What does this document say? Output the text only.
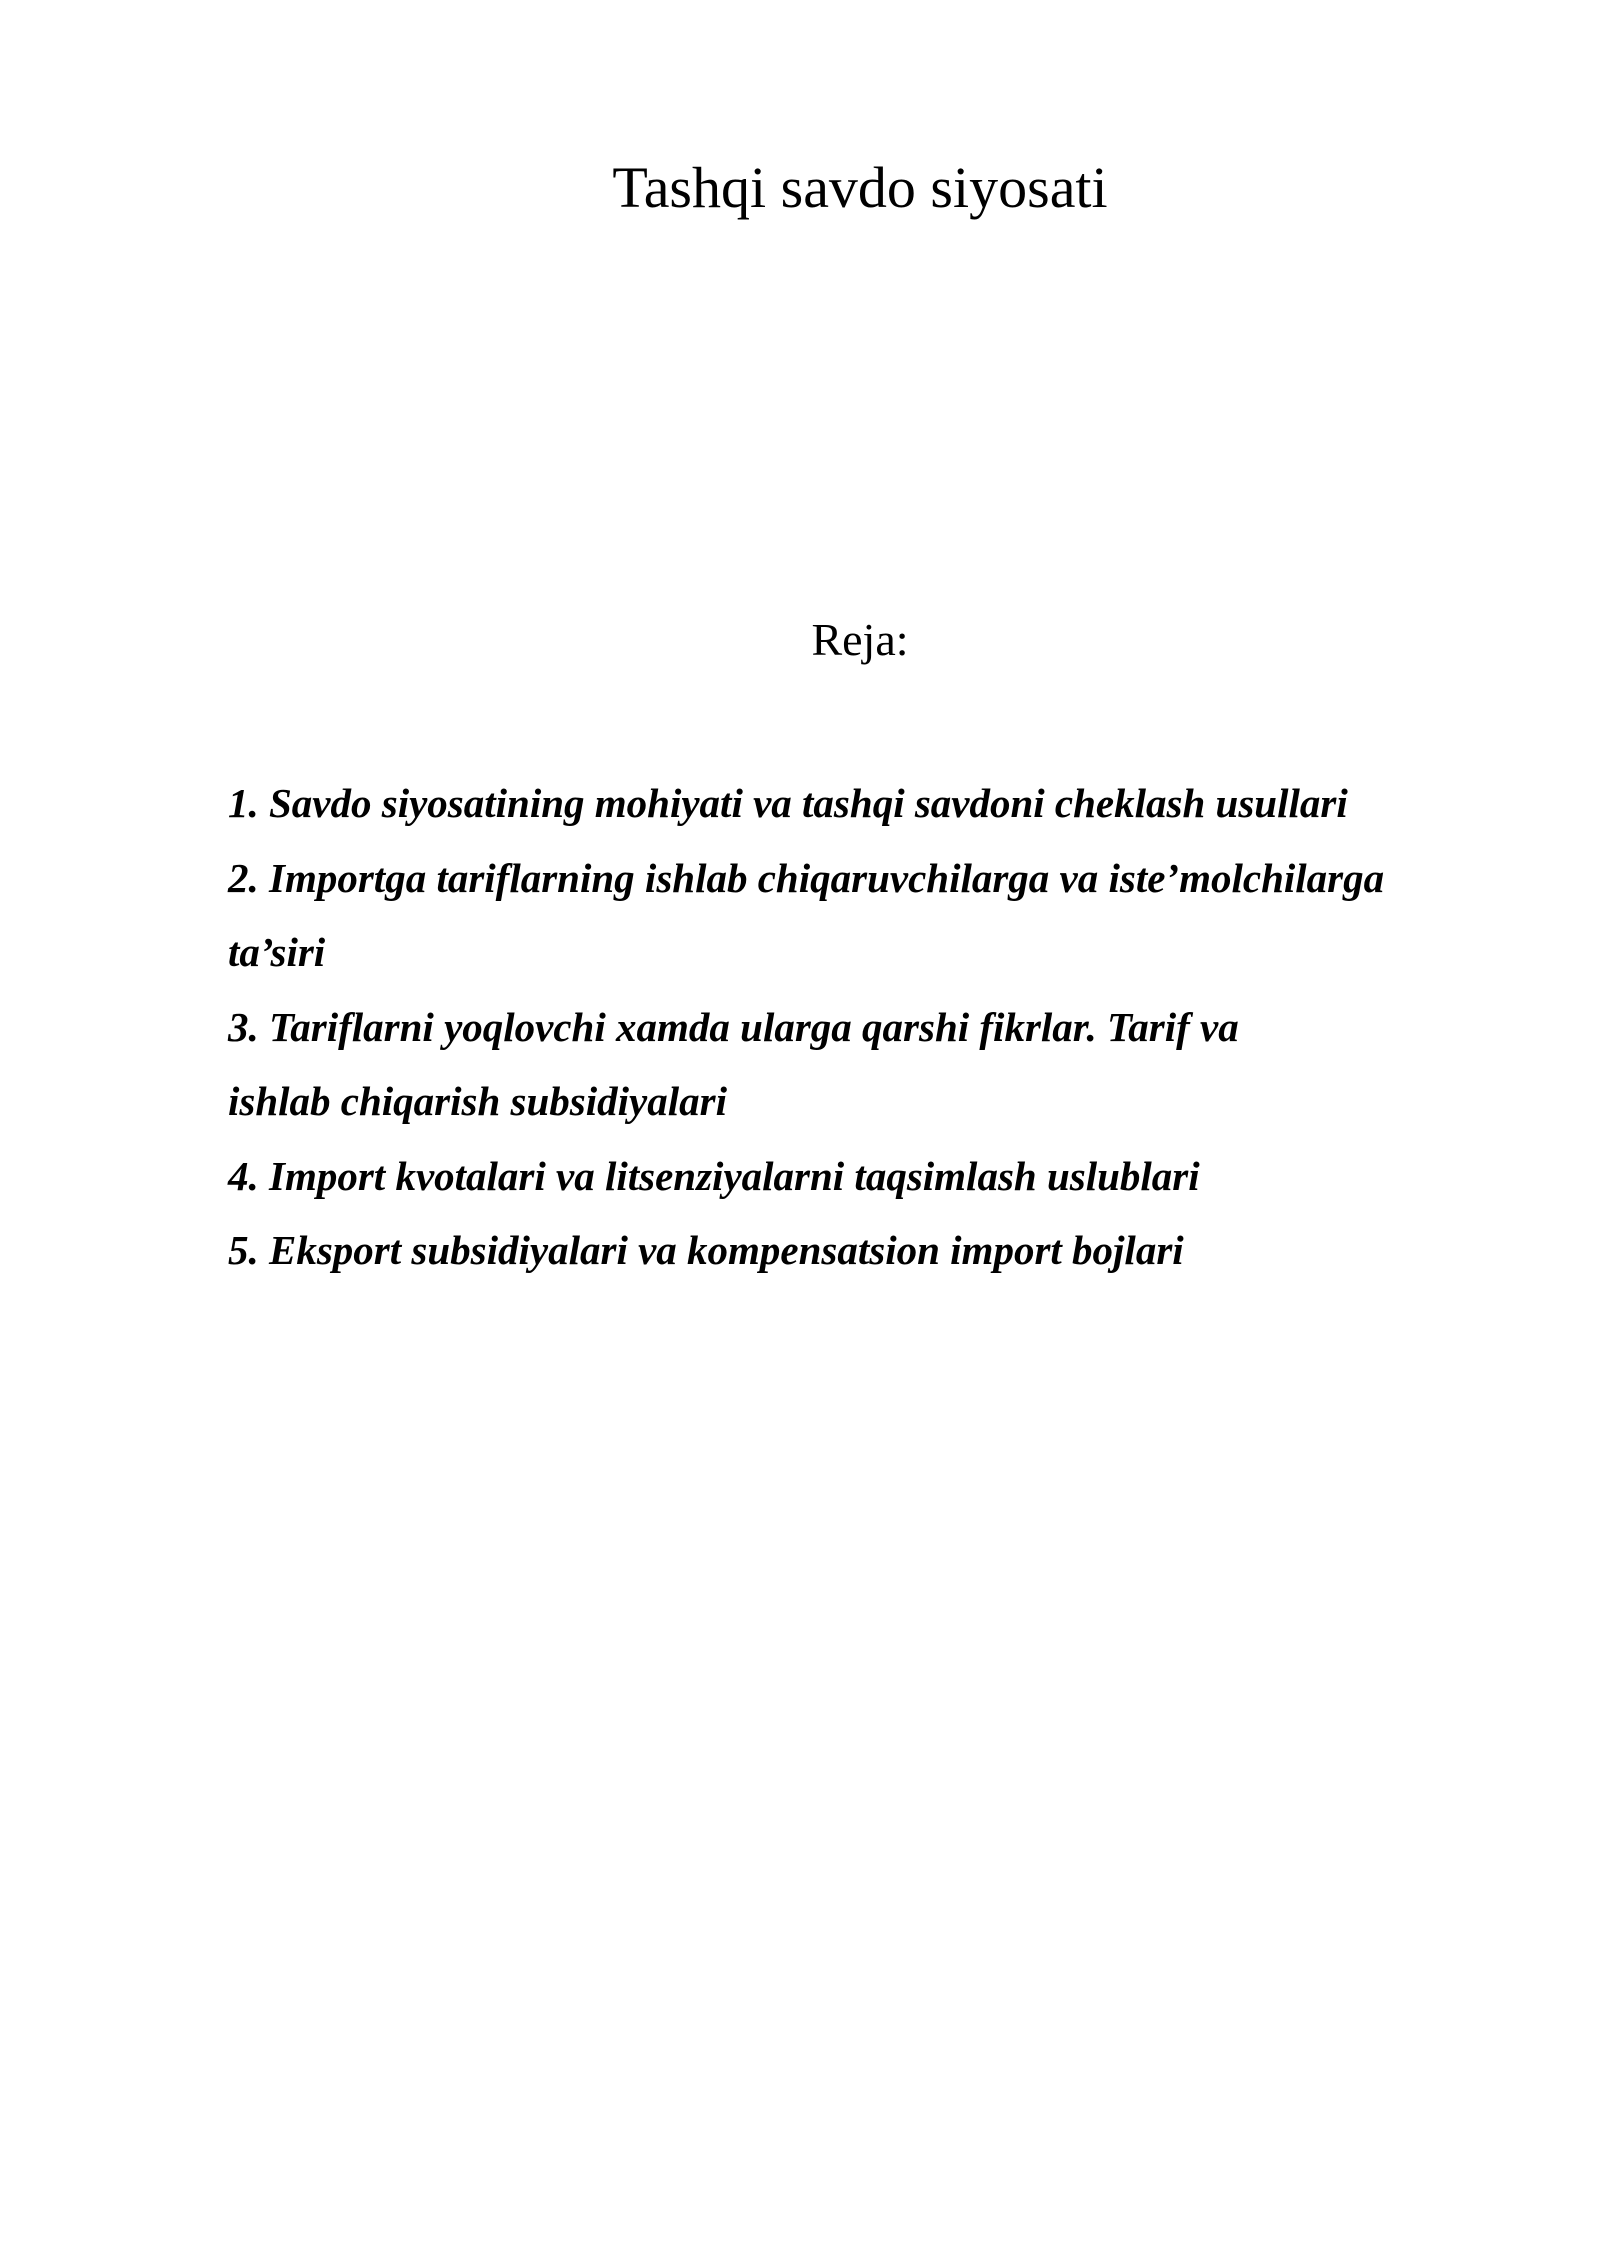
Tashqi savdo siyosati
Reja:

1. Savdo siyosatining mohiyati va tashqi savdoni cheklash usullari

2. Importga tariflarning ishlab chiqaruvchilarga va iste’molchilarga

ta’siri

3. Tariflarni yoqlovchi xamda ularga qarshi fikrlar. Tarif va

ishlab chiqarish subsidiyalari

4. Import kvotalari va litsenziyalarni taqsimlash uslublari

5. Eksport subsidiyalari va kompensatsion import bojlari
